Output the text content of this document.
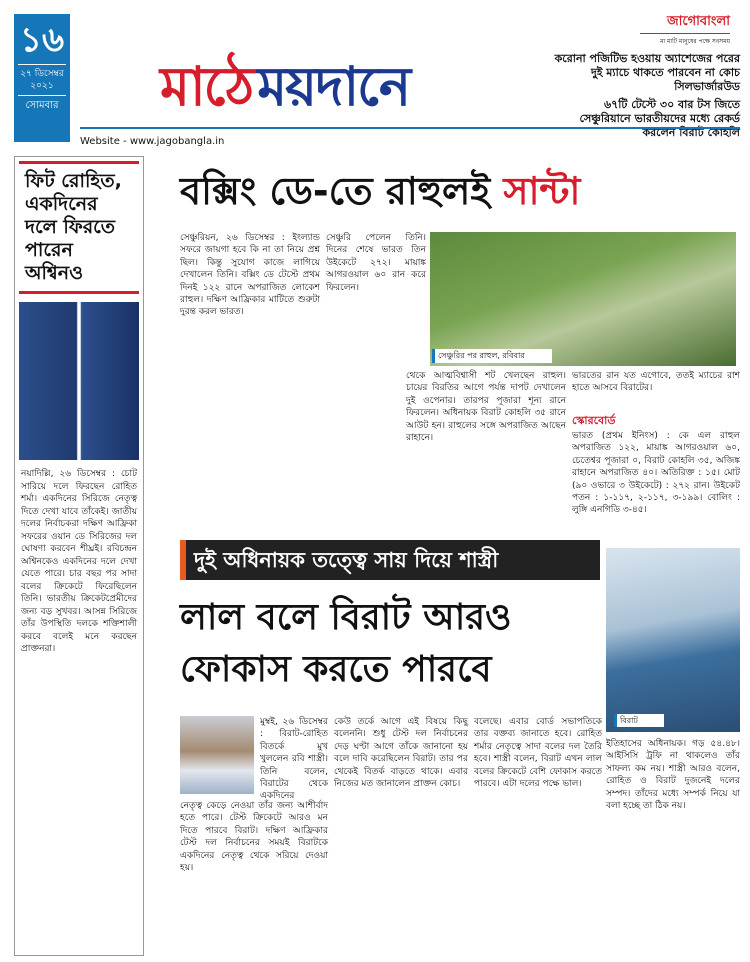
১৬
২৭ ডিসেম্বর ২০২১
সোমবার মাঠে ময়দানে
জাগোবাংলা
মা মাটি মানুষের পক্ষে সবসময়
করোনা পজিটিভ হওয়ায় অ্যাশেজের পরের দুই ম্যাচে থাকতে পারবেন না কোচ সিলভার্জারউড
৬৭টি টেস্টে ৩০ বার টস জিতে সেঞ্চুরিয়ানে ভারতীয়দের মধ্যে রেকর্ড করলেন বিরাট কোহলি
Website - www.jagobangla.in
ফিট রোহিত, একদিনের দলে ফিরতে পারেন অশ্বিনও
নয়াদিল্লি, ২৬ ডিসেম্বর : চোট সারিয়ে দলে ফিরছেন রোহিত শর্মা। একদিনের সিরিজে নেতৃত্ব দিতে দেখা যাবে তাঁকেই। জাতীয় দলের নির্বাচকরা দক্ষিণ আফ্রিকা সফরের ওয়ান ডে সিরিজের দল ঘোষণা করবেন শীঘ্রই। রবিচন্দ্রন অশ্বিনকেও একদিনের দলে দেখা যেতে পারে। চার বছর পর সাদা বলের ক্রিকেটে ফিরেছিলেন তিনি। ভারতীয় ক্রিকেটপ্রেমীদের জন্য বড় সুখবর। আসন্ন সিরিজে তাঁর উপস্থিতি দলকে শক্তিশালী করবে বলেই মনে করছেন প্রাক্তনরা।
বক্সিং ডে-তে রাহুলই সান্টা
সেঞ্চুরিয়ন, ২৬ ডিসেম্বর : ইংল্যান্ড সফরে জায়গা হবে কি না তা নিয়ে প্রশ্ন ছিল। কিন্তু সুযোগ কাজে লাগিয়ে দেখালেন তিনি। বক্সিং ডে টেস্টে প্রথম দিনই ১২২ রানে অপরাজিত লোকেশ রাহুল। দক্ষিণ আফ্রিকার মাটিতে শুরুটা দুরন্ত করল ভারত।
সেঞ্চুরি পেলেন তিনি। দিনের শেষে ভারত তিন উইকেটে ২৭২। মায়াঙ্ক আগরওয়াল ৬০ রান করে ফিরলেন।
সেঞ্চুরির পর রাহুল, রবিবার
থেকে আত্মবিশ্বাসী শট খেলছেন রাহুল। চায়ের বিরতির আগে পর্যন্ত দাপট দেখালেন দুই ওপেনার। তারপর পূজারা শূন্য রানে ফিরলেন। অধিনায়ক বিরাট কোহলি ৩৫ রানে আউট হন। রাহুলের সঙ্গে অপরাজিত আছেন রাহানে।
ভারতের রান যত এগোবে, ততই ম্যাচের রাশ হাতে আসবে বিরাটের।
স্কোরবোর্ড
ভারত (প্রথম ইনিংস) : কে এল রাহুল অপরাজিত ১২২, মায়াঙ্ক আগরওয়াল ৬০, চেতেশ্বর পূজারা ০, বিরাট কোহলি ৩৫, অজিঙ্ক রাহানে অপরাজিত ৪০। অতিরিক্ত : ১৫। মোট (৯০ ওভারে ৩ উইকেটে) : ২৭২ রান। উইকেট পতন : ১-১১৭, ২-১১৭, ৩-১৯৯। বোলিং : লুঙ্গি এনগিডি ৩-৪৫।
দুই অধিনায়ক তত্ত্বে সায় দিয়ে শাস্ত্রী
লাল বলে বিরাট আরও ফোকাস করতে পারবে
বিরাট
মুম্বই, ২৬ ডিসেম্বর : বিরাট-রোহিত বিতর্কে মুখ খুললেন রবি শাস্ত্রী। তিনি বলেন, বিরাটের থেকে একদিনের
নেতৃত্ব কেড়ে নেওয়া তাঁর জন্য আশীর্বাদ হতে পারে। টেস্ট ক্রিকেটে আরও মন দিতে পারবে বিরাট। দক্ষিণ আফ্রিকার টেস্ট দল নির্বাচনের সময়ই বিরাটকে একদিনের নেতৃত্ব থেকে সরিয়ে দেওয়া হয়।
কেউ তর্কে আগে এই বিষয়ে কিছু বলেননি। শুধু টেস্ট দল নির্বাচনের দেড় ঘণ্টা আগে তাঁকে জানানো হয় বলে দাবি করেছিলেন বিরাট। তার পর থেকেই বিতর্ক বাড়তে থাকে। এবার নিজের মত জানালেন প্রাক্তন কোচ।
বলেছে। এবার বোর্ড সভাপতিকে তার বক্তব্য জানাতে হবে। রোহিত শর্মার নেতৃত্বে সাদা বলের দল তৈরি হবে। শাস্ত্রী বলেন, বিরাট এখন লাল বলের ক্রিকেটে বেশি ফোকাস করতে পারবে। এটা দলের পক্ষে ভাল।
ইতিহাসের অধিনায়ক। গড় ৫৪.৪৮। আইসিসি ট্রফি না থাকলেও তাঁর সাফল্য কম নয়। শাস্ত্রী আরও বলেন, রোহিত ও বিরাট দুজনেই দলের সম্পদ। তাঁদের মধ্যে সম্পর্ক নিয়ে যা বলা হচ্ছে তা ঠিক নয়।
